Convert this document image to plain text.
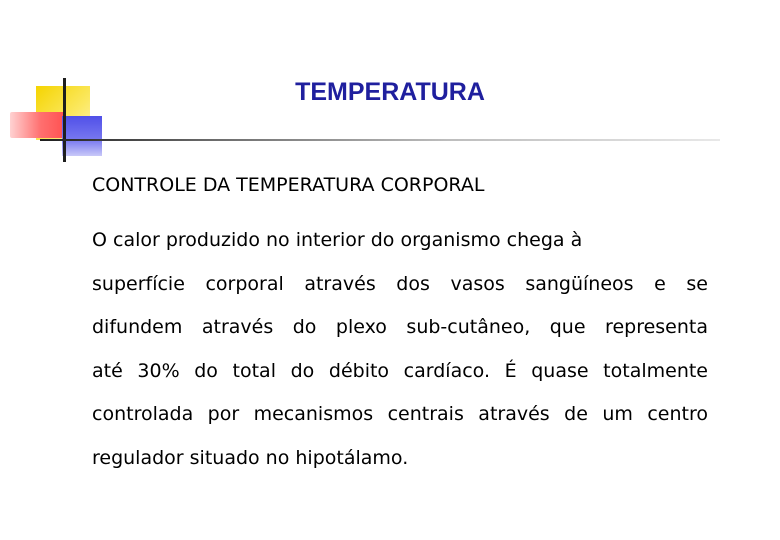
TEMPERATURA
CONTROLE DA TEMPERATURA CORPORAL
O calor produzido no interior do organismo chega à
superfície corporal através dos vasos sangüíneos e se
difundem através do plexo sub-cutâneo, que representa
até 30% do total do débito cardíaco. É quase totalmente
controlada por mecanismos centrais através de um centro
regulador situado no hipotálamo.
